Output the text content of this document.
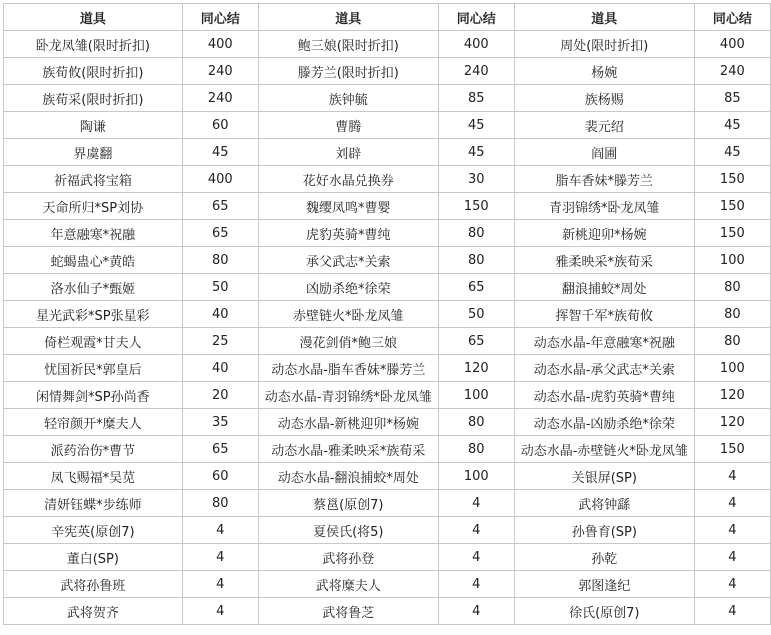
道具	同心结	道具	同心结	道具	同心结
卧龙凤雏(限时折扣)	400	鲍三娘(限时折扣)	400	周处(限时折扣)	400
族荀攸(限时折扣)	240	滕芳兰(限时折扣)	240	杨婉	240
族荀采(限时折扣)	240	族钟毓	85	族杨赐	85
陶谦	60	曹腾	45	裴元绍	45
界虞翻	45	刘辟	45	阎圃	45
祈福武将宝箱	400	花好水晶兑换券	30	脂车香妹*滕芳兰	150
天命所归*SP刘协	65	魏缨凤鸣*曹婴	150	青羽锦绣*卧龙凤雏	150
年意融寒*祝融	65	虎豹英骑*曹纯	80	新桃迎卯*杨婉	150
蛇蝎蛊心*黄皓	80	承父武志*关索	80	雅柔映采*族荀采	100
洛水仙子*甄姬	50	凶励杀绝*徐荣	65	翻浪捕蛟*周处	80
星光武彩*SP张星彩	40	赤壁链火*卧龙凤雏	50	挥智千军*族荀攸	80
倚栏观霞*甘夫人	25	漫花剑俏*鲍三娘	65	动态水晶-年意融寒*祝融	80
忧国祈民*郭皇后	40	动态水晶-脂车香妹*滕芳兰	120	动态水晶-承父武志*关索	100
闲情舞剑*SP孙尚香	20	动态水晶-青羽锦绣*卧龙凤雏	100	动态水晶-虎豹英骑*曹纯	120
轻帘颜开*糜夫人	35	动态水晶-新桃迎卯*杨婉	80	动态水晶-凶励杀绝*徐荣	120
派药治伤*曹节	65	动态水晶-雅柔映采*族荀采	80	动态水晶-赤壁链火*卧龙凤雏	150
凤飞赐福*吴苋	60	动态水晶-翻浪捕蛟*周处	100	关银屏(SP)	4
清妍钰蝶*步练师	80	蔡邕(原创7)	4	武将钟繇	4
辛宪英(原创7)	4	夏侯氏(将5)	4	孙鲁育(SP)	4
董白(SP)	4	武将孙登	4	孙乾	4
武将孙鲁班	4	武将糜夫人	4	郭图逢纪	4
武将贺齐	4	武将鲁芝	4	徐氏(原创7)	4
